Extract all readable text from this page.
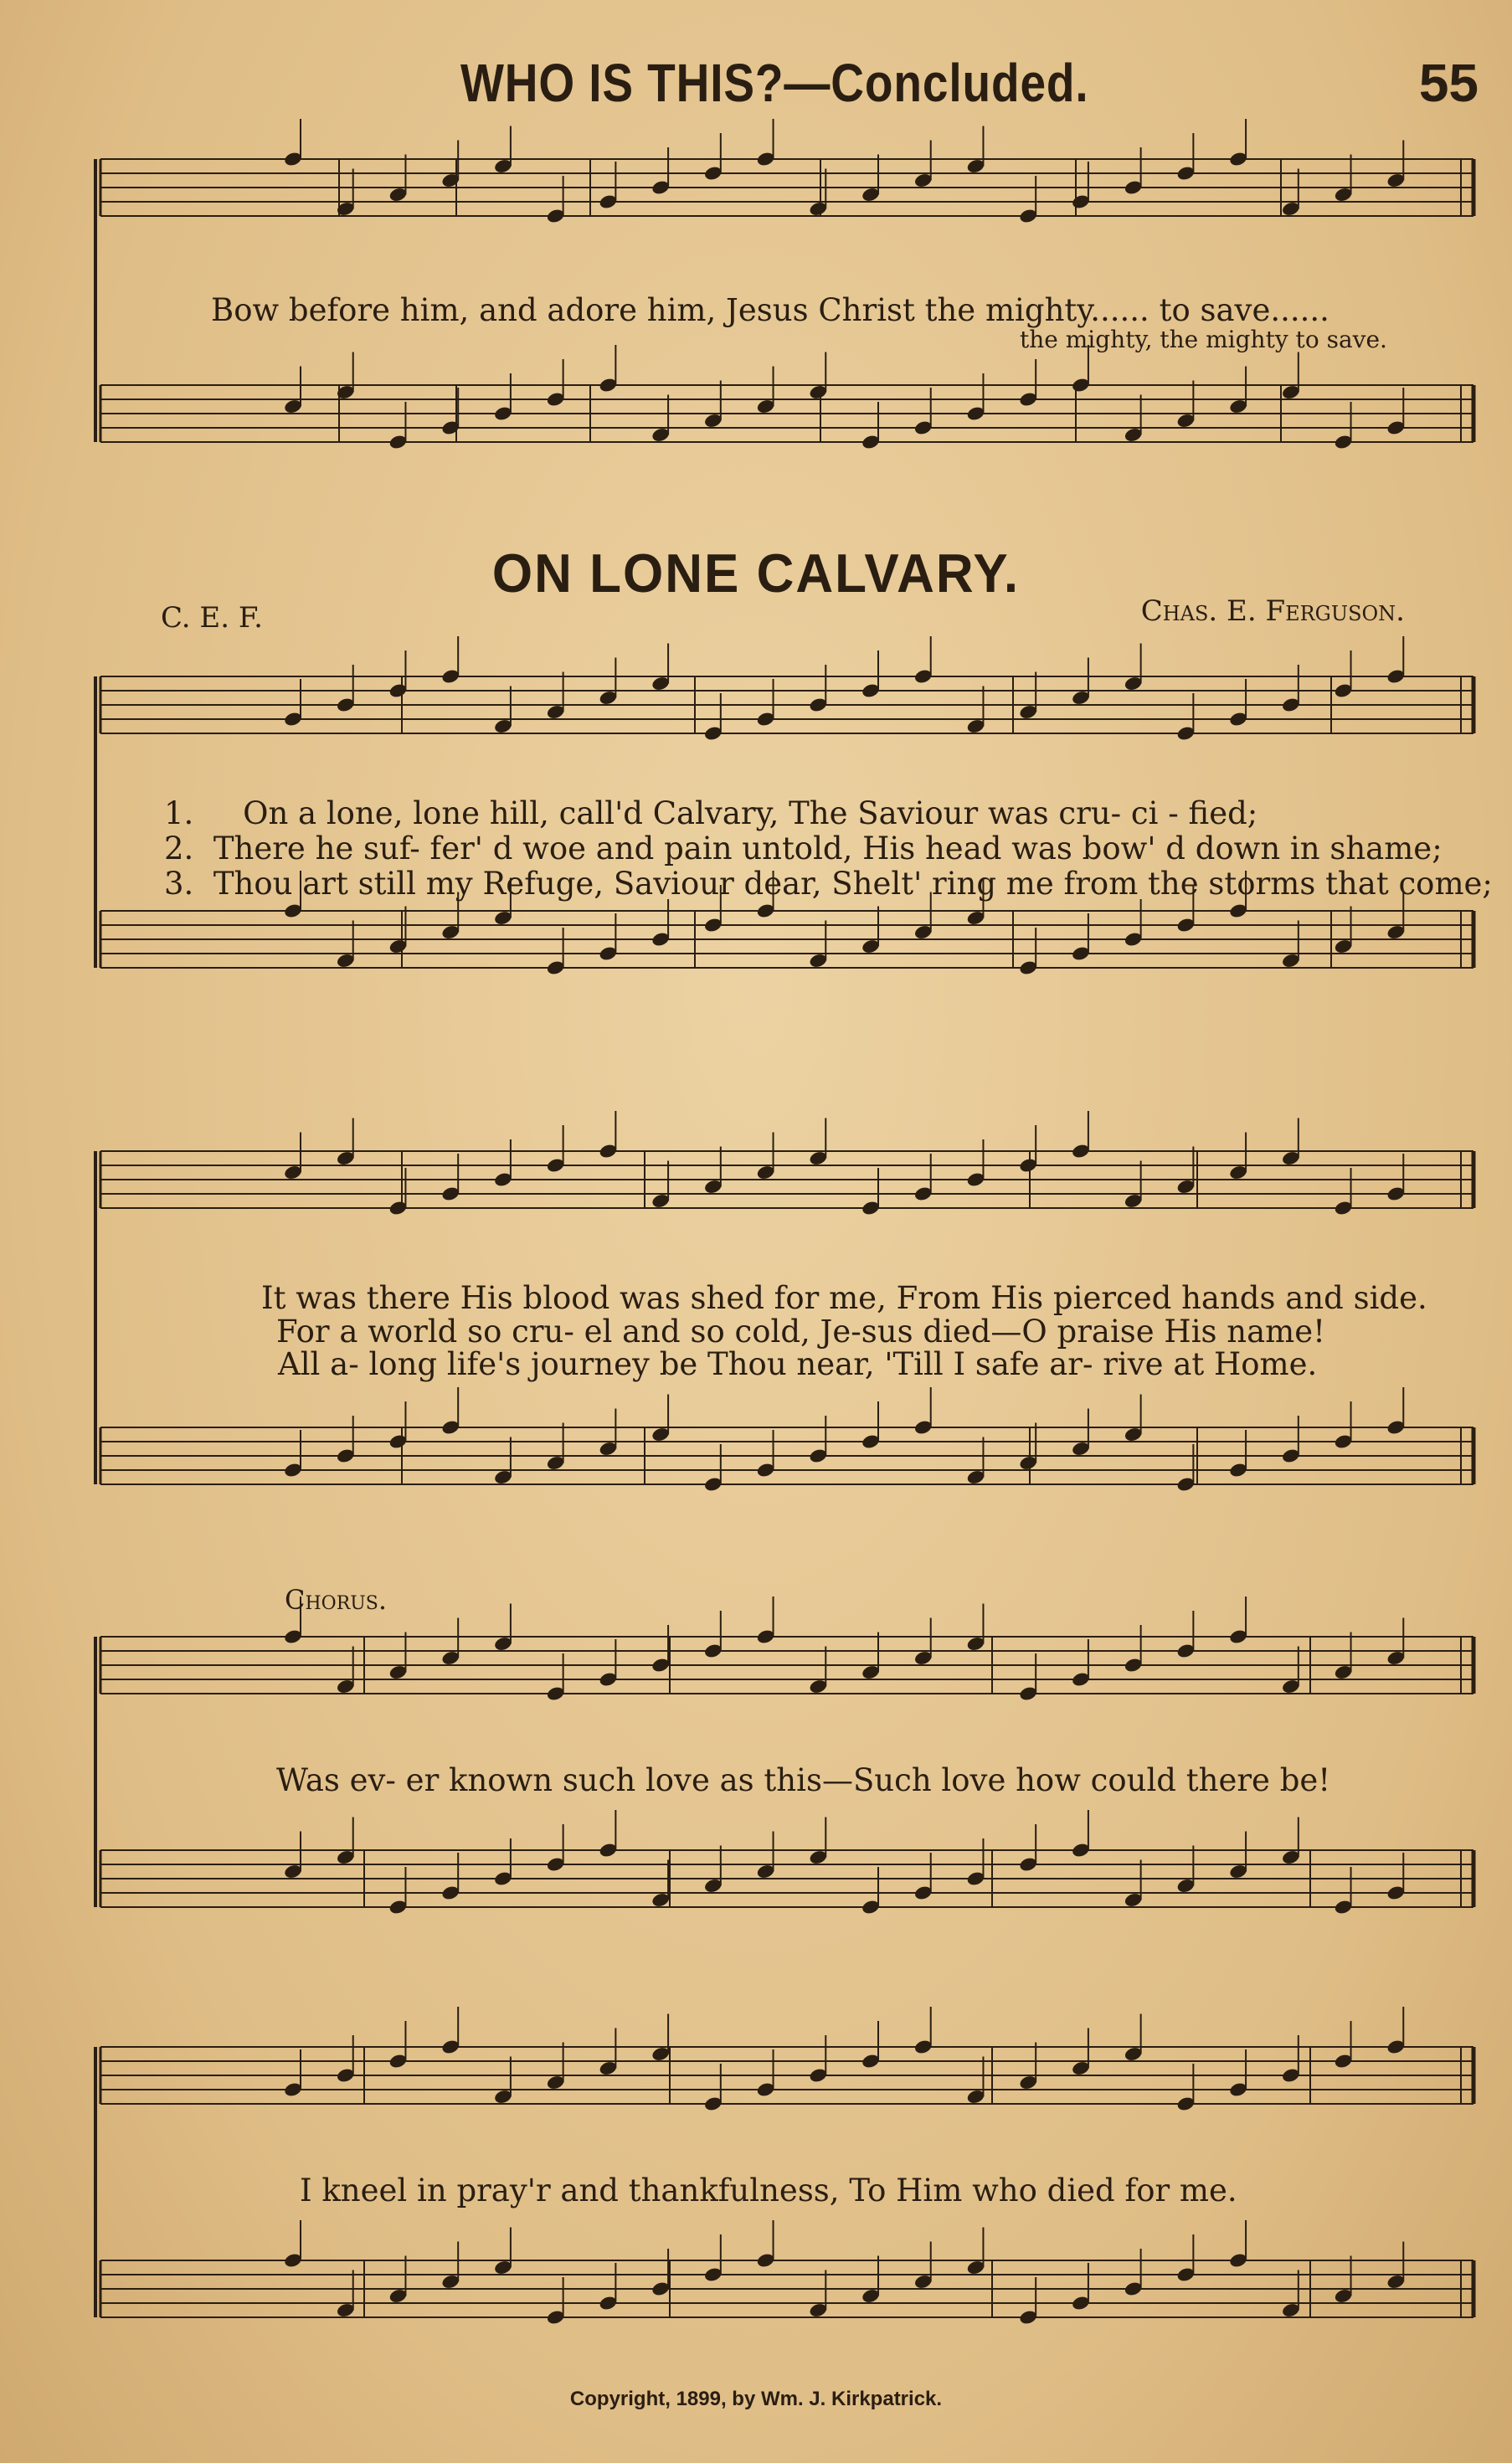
WHO IS THIS?—Concluded.	55
Bow before him, and adore him, Jesus Christ the mighty...... to save......
the mighty, the mighty to save.
ON LONE CALVARY.
C. E. F.	Chas. E. Ferguson.
1.     On a lone, lone hill, call'd Calvary, The Saviour was cru- ci - fied;
2.  There he suf- fer' d woe and pain untold, His head was bow' d down in shame;
3.  Thou art still my Refuge, Saviour dear, Shelt' ring me from the storms that come;
It was there His blood was shed for me, From His pierced hands and side.
For a world so cru- el and so cold, Je-sus died—O praise His name!
All a- long life's journey be Thou near, 'Till I safe ar- rive at Home.
Chorus.
Was ev- er known such love as this—Such love how could there be!
I kneel in pray'r and thankfulness, To Him who died for me.
Copyright, 1899, by Wm. J. Kirkpatrick.
